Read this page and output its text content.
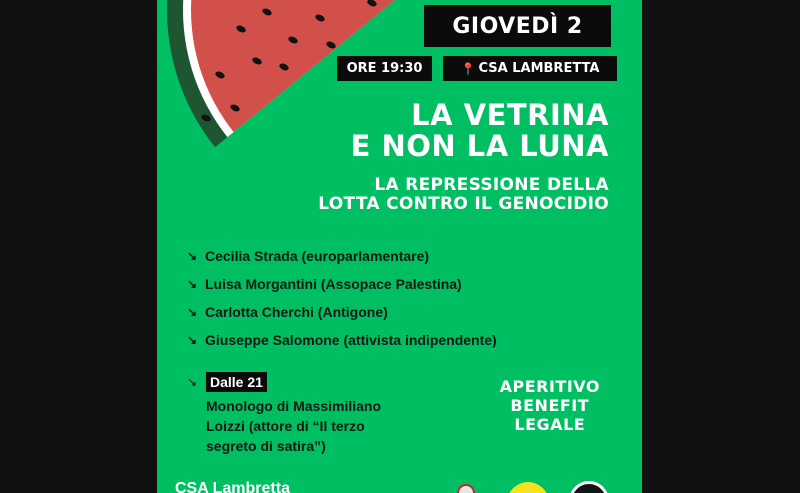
GIOVEDÌ 2
ORE 19:30	📍 CSA LAMBRETTA
LA VETRINA
E NON LA LUNA
LA REPRESSIONE DELLA
LOTTA CONTRO IL GENOCIDIO
↘ Cecilia Strada (europarlamentare)
↘ Luisa Morgantini (Assopace Palestina)
↘ Carlotta Cherchi (Antigone)
↘ Giuseppe Salomone (attivista indipendente)
↘ Dalle 21
Monologo di Massimiliano
Loizzi (attore di “Il terzo
segreto di satira”)
APERITIVO
BENEFIT
LEGALE
CSA Lambretta
